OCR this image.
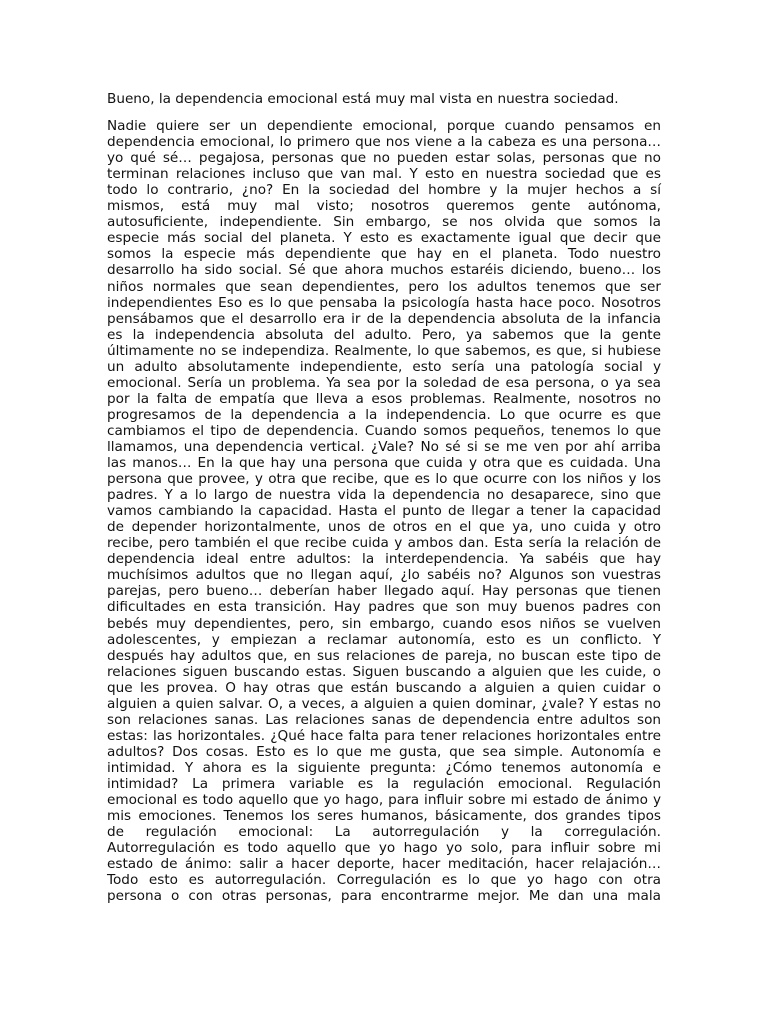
Bueno, la dependencia emocional está muy mal vista en nuestra sociedad.
Nadie quiere ser un dependiente emocional, porque cuando pensamos en
dependencia emocional, lo primero que nos viene a la cabeza es una persona…
yo qué sé… pegajosa, personas que no pueden estar solas, personas que no
terminan relaciones incluso que van mal. Y esto en nuestra sociedad que es
todo lo contrario, ¿no? En la sociedad del hombre y la mujer hechos a sí
mismos, está muy mal visto; nosotros queremos gente autónoma,
autosuficiente, independiente. Sin embargo, se nos olvida que somos la
especie más social del planeta. Y esto es exactamente igual que decir que
somos la especie más dependiente que hay en el planeta. Todo nuestro
desarrollo ha sido social. Sé que ahora muchos estaréis diciendo, bueno… los
niños normales que sean dependientes, pero los adultos tenemos que ser
independientes Eso es lo que pensaba la psicología hasta hace poco. Nosotros
pensábamos que el desarrollo era ir de la dependencia absoluta de la infancia
es la independencia absoluta del adulto. Pero, ya sabemos que la gente
últimamente no se independiza. Realmente, lo que sabemos, es que, si hubiese
un adulto absolutamente independiente, esto sería una patología social y
emocional. Sería un problema. Ya sea por la soledad de esa persona, o ya sea
por la falta de empatía que lleva a esos problemas. Realmente, nosotros no
progresamos de la dependencia a la independencia. Lo que ocurre es que
cambiamos el tipo de dependencia. Cuando somos pequeños, tenemos lo que
llamamos, una dependencia vertical. ¿Vale? No sé si se me ven por ahí arriba
las manos… En la que hay una persona que cuida y otra que es cuidada. Una
persona que provee, y otra que recibe, que es lo que ocurre con los niños y los
padres. Y a lo largo de nuestra vida la dependencia no desaparece, sino que
vamos cambiando la capacidad. Hasta el punto de llegar a tener la capacidad
de depender horizontalmente, unos de otros en el que ya, uno cuida y otro
recibe, pero también el que recibe cuida y ambos dan. Esta sería la relación de
dependencia ideal entre adultos: la interdependencia. Ya sabéis que hay
muchísimos adultos que no llegan aquí, ¿lo sabéis no? Algunos son vuestras
parejas, pero bueno… deberían haber llegado aquí. Hay personas que tienen
dificultades en esta transición. Hay padres que son muy buenos padres con
bebés muy dependientes, pero, sin embargo, cuando esos niños se vuelven
adolescentes, y empiezan a reclamar autonomía, esto es un conflicto. Y
después hay adultos que, en sus relaciones de pareja, no buscan este tipo de
relaciones siguen buscando estas. Siguen buscando a alguien que les cuide, o
que les provea. O hay otras que están buscando a alguien a quien cuidar o
alguien a quien salvar. O, a veces, a alguien a quien dominar, ¿vale? Y estas no
son relaciones sanas. Las relaciones sanas de dependencia entre adultos son
estas: las horizontales. ¿Qué hace falta para tener relaciones horizontales entre
adultos? Dos cosas. Esto es lo que me gusta, que sea simple. Autonomía e
intimidad. Y ahora es la siguiente pregunta: ¿Cómo tenemos autonomía e
intimidad? La primera variable es la regulación emocional. Regulación
emocional es todo aquello que yo hago, para influir sobre mi estado de ánimo y
mis emociones. Tenemos los seres humanos, básicamente, dos grandes tipos
de regulación emocional: La autorregulación y la corregulación.
Autorregulación es todo aquello que yo hago yo solo, para influir sobre mi
estado de ánimo: salir a hacer deporte, hacer meditación, hacer relajación…
Todo esto es autorregulación. Corregulación es lo que yo hago con otra
persona o con otras personas, para encontrarme mejor. Me dan una mala
